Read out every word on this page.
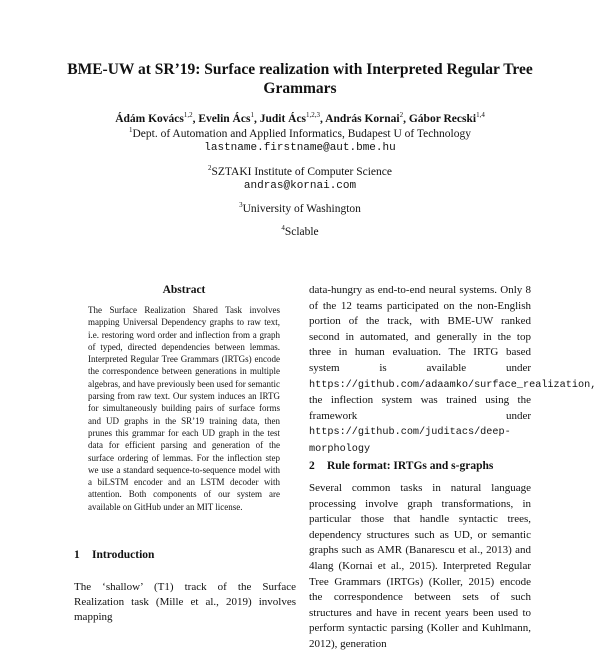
BME-UW at SR’19: Surface realization with Interpreted Regular Tree
Grammars
Ádám Kovács$^{1,2}$, Evelin Ács$^1$, Judit Ács$^{1,2,3}$, András Kornai$^2$, Gábor Recski$^{1,4}$
$^1$Dept. of Automation and Applied Informatics, Budapest U of Technology
lastname.firstname@aut.bme.hu
$^2$SZTAKI Institute of Computer Science
andras@kornai.com
$^3$University of Washington
$^4$Sclable
Abstract
The Surface Realization Shared Task involves mapping Universal Dependency graphs to raw text, i.e. restoring word order and inflection from a graph of typed, directed dependencies between lemmas. Interpreted Regular Tree Grammars (IRTGs) encode the correspondence between generations in multiple algebras, and have previously been used for semantic parsing from raw text. Our system induces an IRTG for simultaneously building pairs of surface forms and UD graphs in the SR’19 training data, then prunes this grammar for each UD graph in the test data for efficient parsing and generation of the surface ordering of lemmas. For the inflection step we use a standard sequence-to-sequence model with a biLSTM encoder and an LSTM decoder with attention. Both components of our system are available on GitHub under an MIT license.
1 Introduction
The ‘shallow’ (T1) track of the Surface Realization task (Mille et al., 2019) involves mapping
data-hungry as end-to-end neural systems. Only 8 of the 12 teams participated on the non-English portion of the track, with BME-UW ranked second in automated, and generally in the top three in human evaluation. The IRTG based system is available under https://github.com/adaamko/surface_realization, the inflection system was trained using the framework under https://github.com/juditacs/deep-morphology
2 Rule format: IRTGs and s-graphs
Several common tasks in natural language processing involve graph transformations, in particular those that handle syntactic trees, dependency structures such as UD, or semantic graphs such as AMR (Banarescu et al., 2013) and 4lang (Kornai et al., 2015). Interpreted Regular Tree Grammars (IRTGs) (Koller, 2015) encode the correspondence between sets of such structures and have in recent years been used to perform syntactic parsing (Koller and Kuhlmann, 2012), generation
